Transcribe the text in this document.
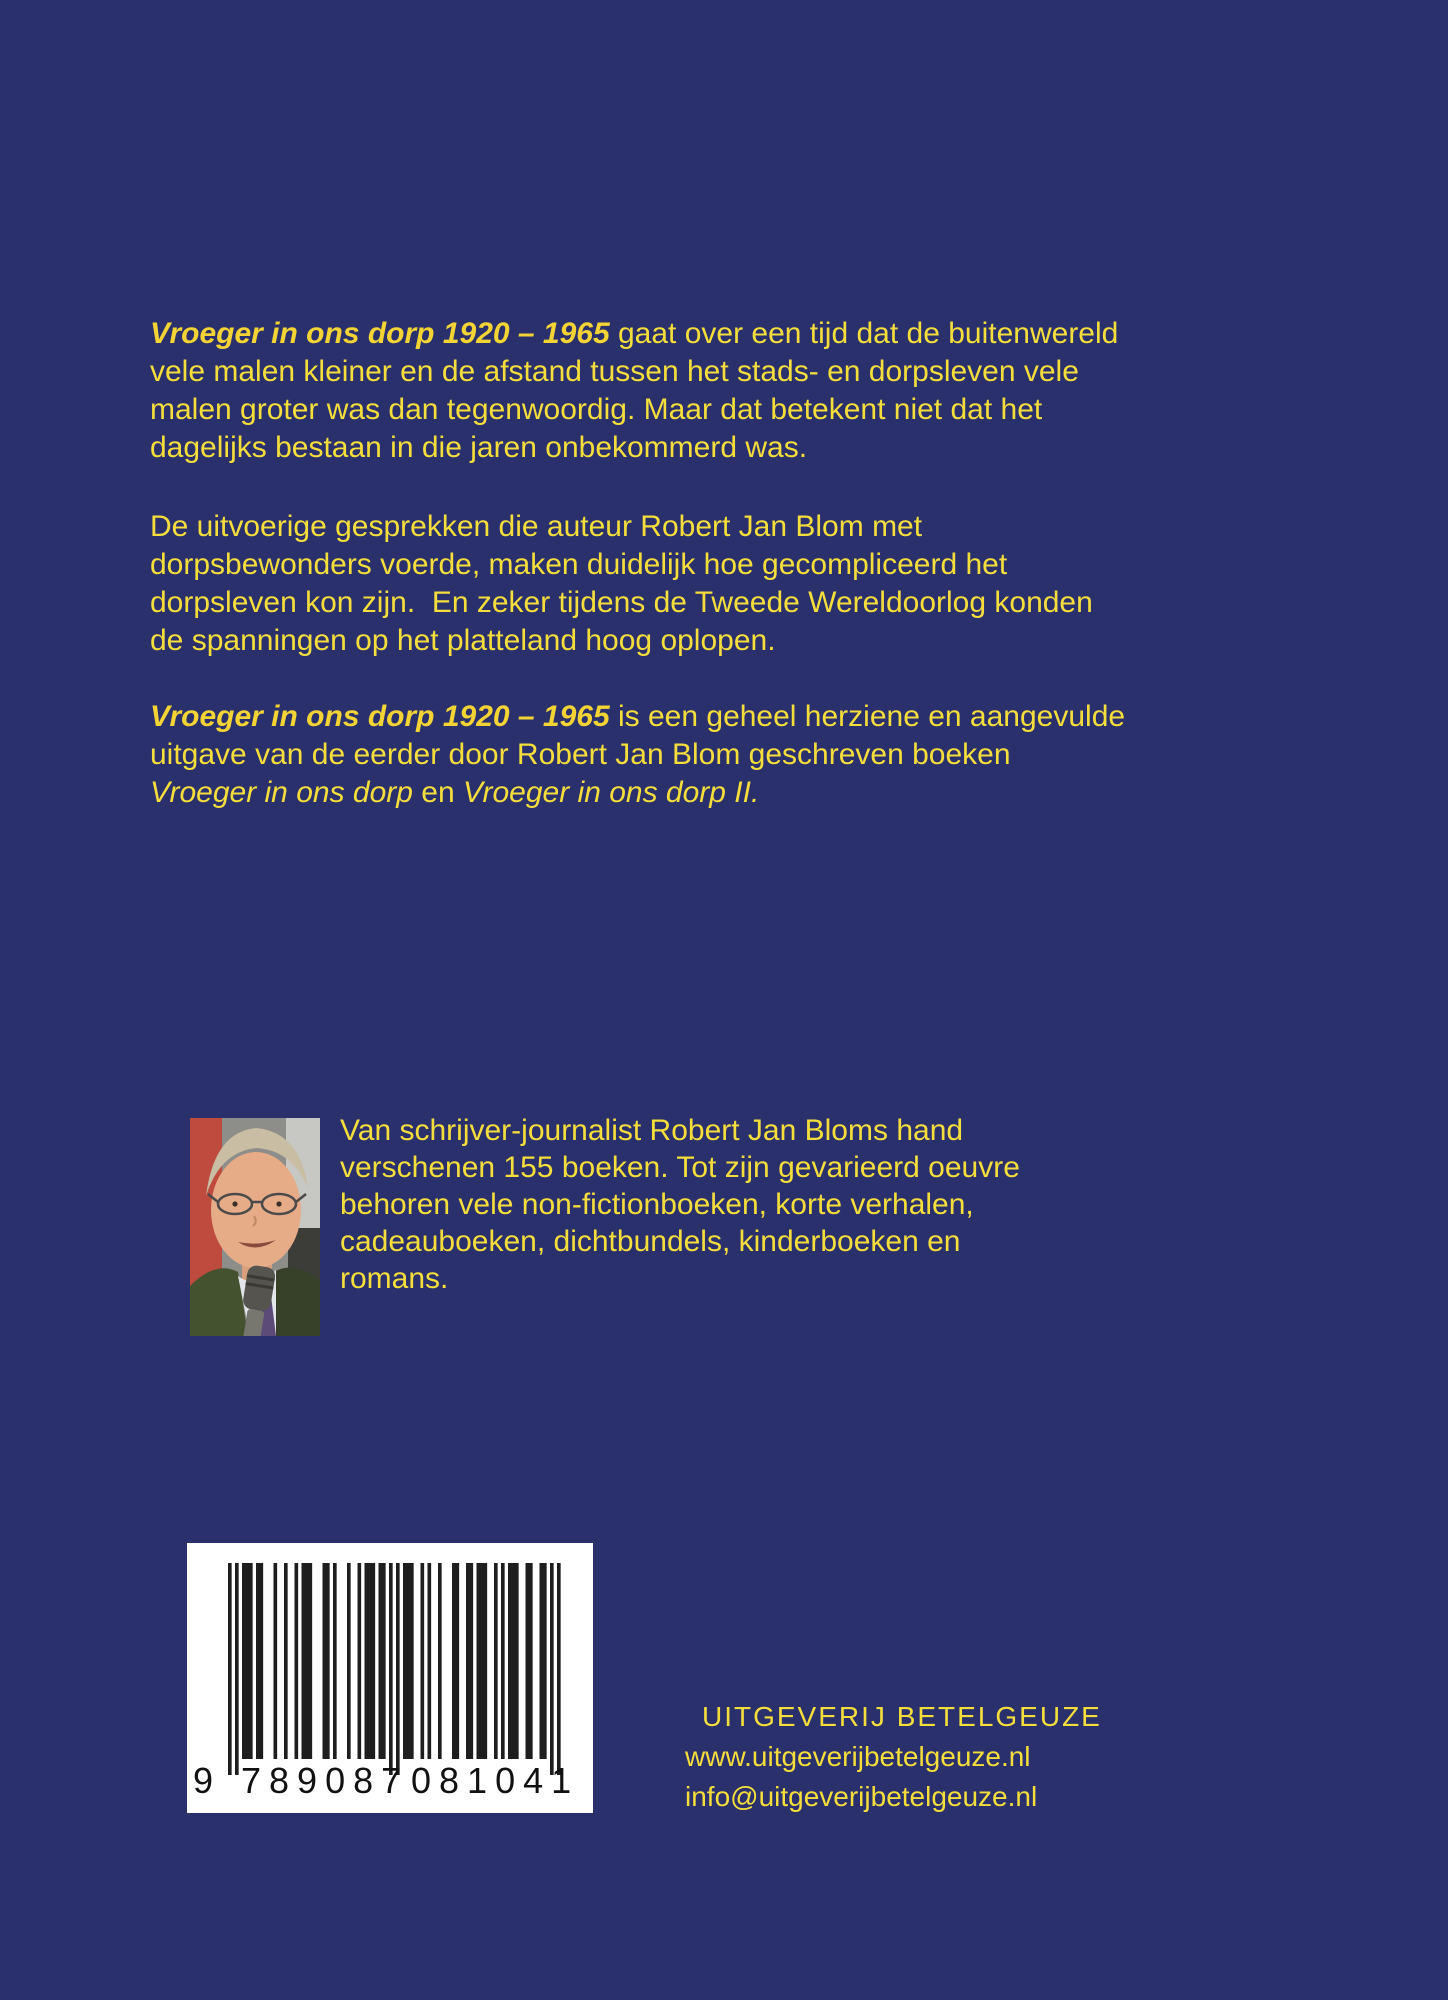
Vroeger in ons dorp 1920 – 1965 gaat over een tijd dat de buitenwereld
vele malen kleiner en de afstand tussen het stads- en dorpsleven vele
malen groter was dan tegenwoordig. Maar dat betekent niet dat het
dagelijks bestaan in die jaren onbekommerd was.
De uitvoerige gesprekken die auteur Robert Jan Blom met
dorpsbewonders voerde, maken duidelijk hoe gecompliceerd het
dorpsleven kon zijn.  En zeker tijdens de Tweede Wereldoorlog konden
de spanningen op het platteland hoog oplopen.
Vroeger in ons dorp 1920 – 1965 is een geheel herziene en aangevulde
uitgave van de eerder door Robert Jan Blom geschreven boeken
Vroeger in ons dorp en Vroeger in ons dorp II.
Van schrijver-journalist Robert Jan Bloms hand
verschenen 155 boeken. Tot zijn gevarieerd oeuvre
behoren vele non-fictionboeken, korte verhalen,
cadeauboeken, dichtbundels, kinderboeken en
romans.
9 789087 081041
UITGEVERIJ BETELGEUZE
www.uitgeverijbetelgeuze.nl
info@uitgeverijbetelgeuze.nl
